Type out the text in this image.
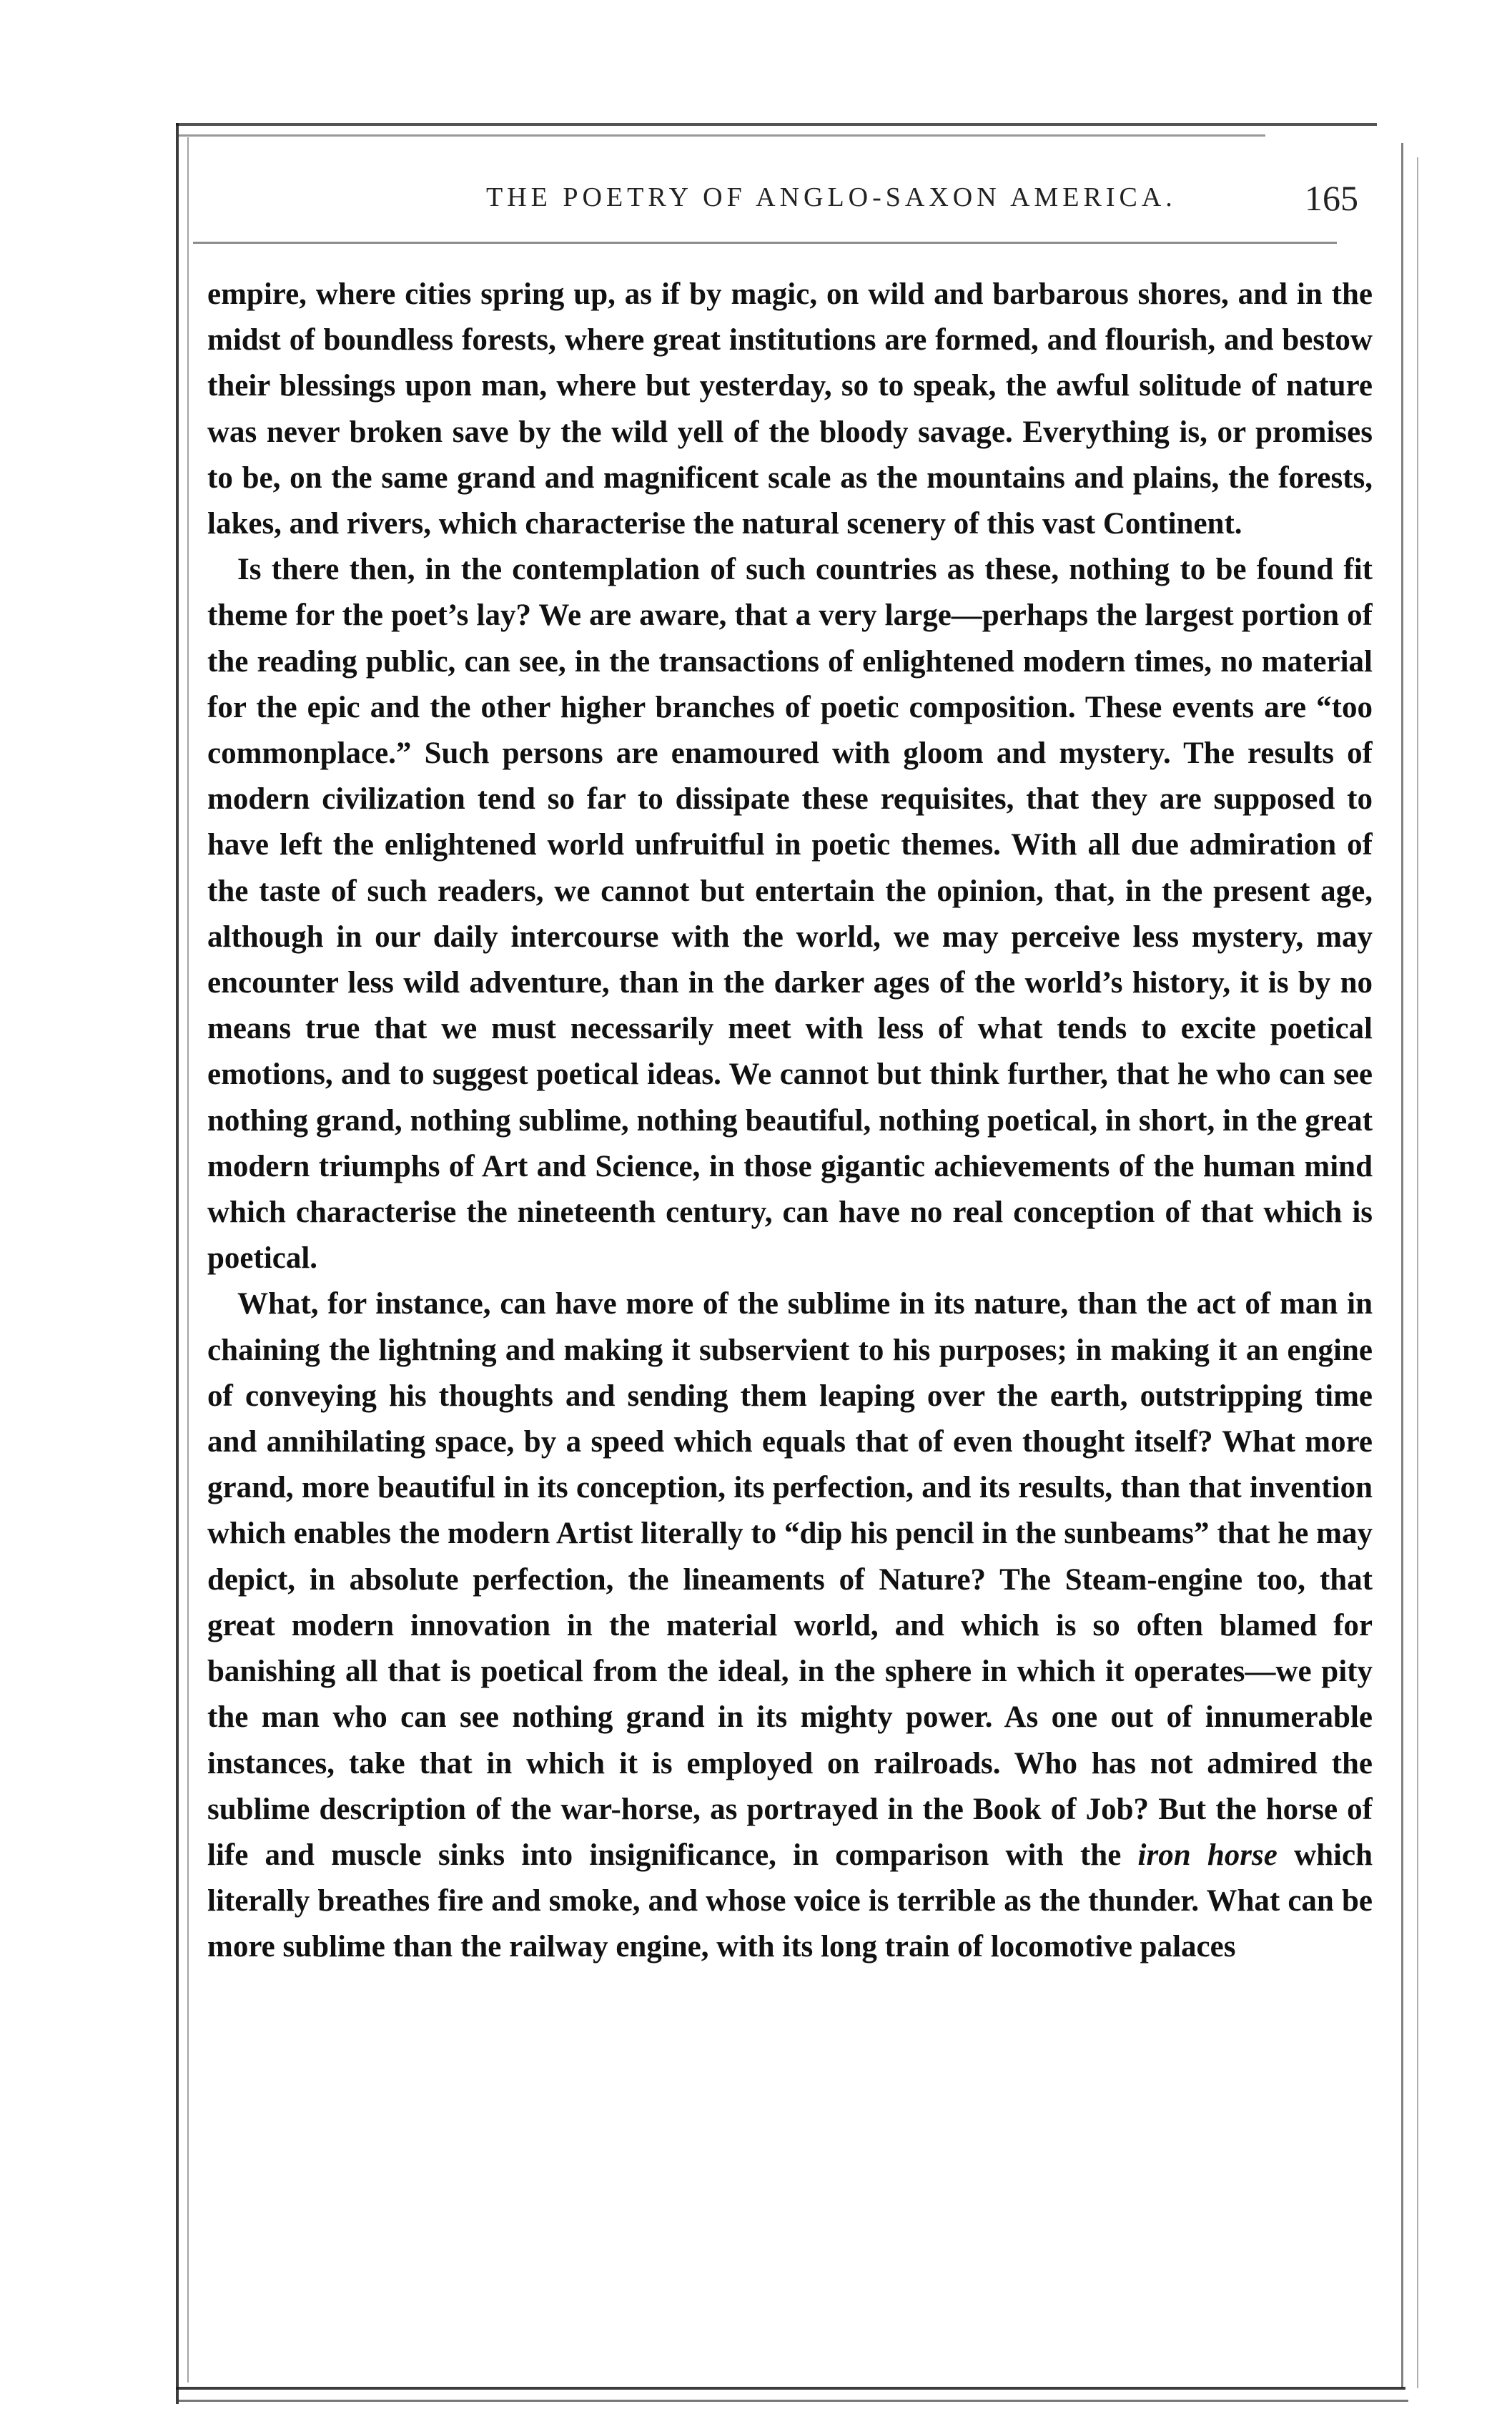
THE POETRY OF ANGLO-SAXON AMERICA.	165

empire, where cities spring up, as if by magic, on wild and barbarous shores, and in the midst of boundless forests, where great institutions are formed, and flourish, and bestow their blessings upon man, where but yesterday, so to speak, the awful solitude of nature was never broken save by the wild yell of the bloody savage. Everything is, or promises to be, on the same grand and magnificent scale as the mountains and plains, the forests, lakes, and rivers, which characterise the natural scenery of this vast Continent.

Is there then, in the contemplation of such countries as these, nothing to be found fit theme for the poet’s lay? We are aware, that a very large—perhaps the largest portion of the reading public, can see, in the transactions of enlightened modern times, no material for the epic and the other higher branches of poetic composition. These events are “too commonplace.” Such persons are enamoured with gloom and mystery. The results of modern civilization tend so far to dissipate these requisites, that they are supposed to have left the enlightened world unfruitful in poetic themes. With all due admiration of the taste of such readers, we cannot but entertain the opinion, that, in the present age, although in our daily intercourse with the world, we may perceive less mystery, may encounter less wild adventure, than in the darker ages of the world’s history, it is by no means true that we must necessarily meet with less of what tends to excite poetical emotions, and to suggest poetical ideas. We cannot but think further, that he who can see nothing grand, nothing sublime, nothing beautiful, nothing poetical, in short, in the great modern triumphs of Art and Science, in those gigantic achievements of the human mind which characterise the nineteenth century, can have no real conception of that which is poetical.

What, for instance, can have more of the sublime in its nature, than the act of man in chaining the lightning and making it subservient to his purposes; in making it an engine of conveying his thoughts and sending them leaping over the earth, outstripping time and annihilating space, by a speed which equals that of even thought itself? What more grand, more beautiful in its conception, its perfection, and its results, than that invention which enables the modern Artist literally to “dip his pencil in the sunbeams” that he may depict, in absolute perfection, the lineaments of Nature? The Steam-engine too, that great modern innovation in the material world, and which is so often blamed for banishing all that is poetical from the ideal, in the sphere in which it operates—we pity the man who can see nothing grand in its mighty power. As one out of innumerable instances, take that in which it is employed on railroads. Who has not admired the sublime description of the war-horse, as portrayed in the Book of Job? But the horse of life and muscle sinks into insignificance, in comparison with the iron horse which literally breathes fire and smoke, and whose voice is terrible as the thunder. What can be more sublime than the railway engine, with its long train of locomotive palaces
